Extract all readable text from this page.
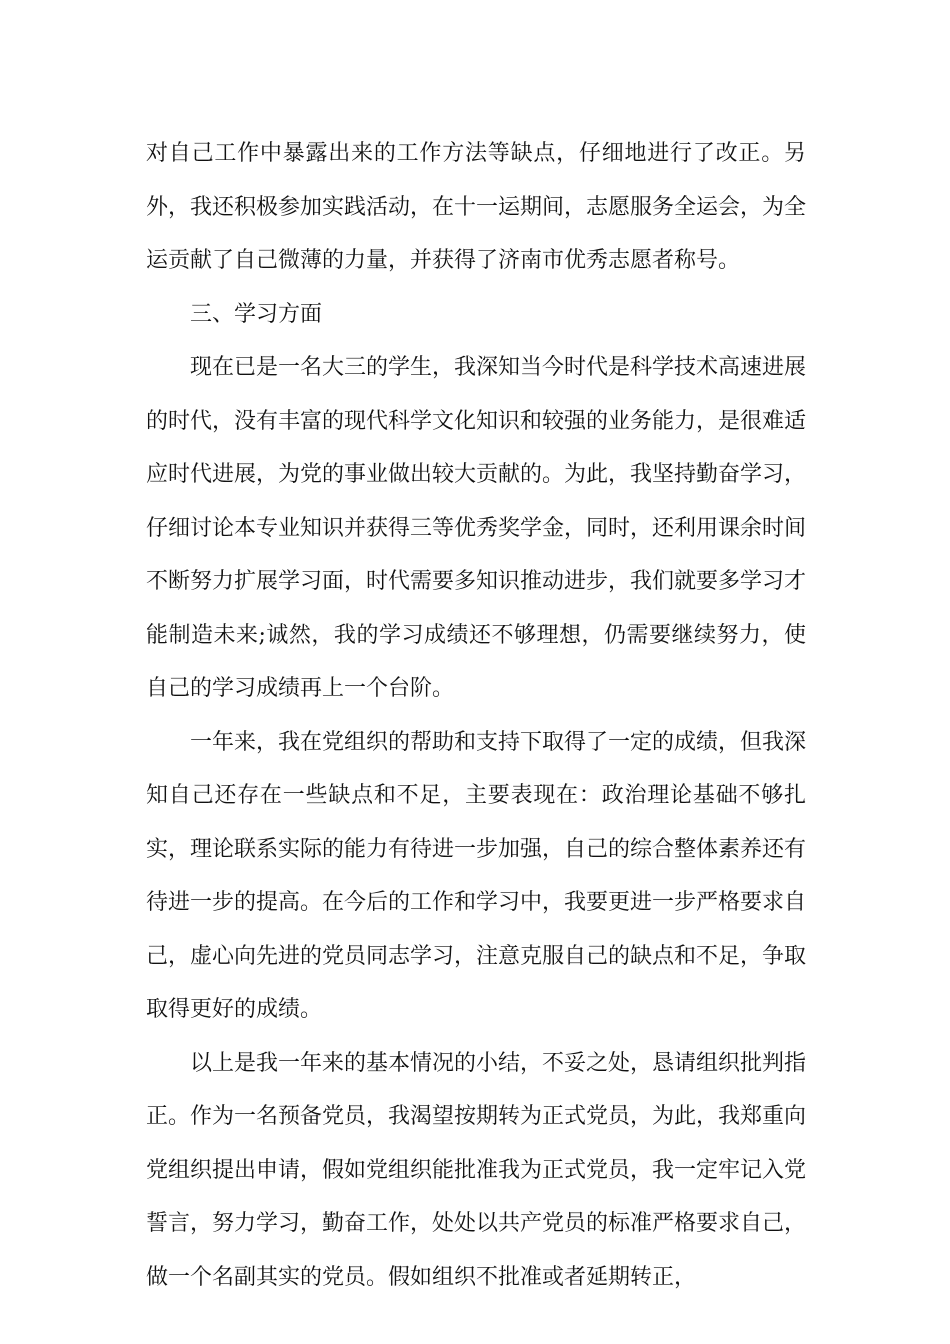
对自己工作中暴露出来的工作方法等缺点，仔细地进行了改正。另外，我还积极参加实践活动，在十一运期间，志愿服务全运会，为全运贡献了自己微薄的力量，并获得了济南市优秀志愿者称号。

三、学习方面

现在已是一名大三的学生，我深知当今时代是科学技术高速进展的时代，没有丰富的现代科学文化知识和较强的业务能力，是很难适应时代进展，为党的事业做出较大贡献的。为此，我坚持勤奋学习，仔细讨论本专业知识并获得三等优秀奖学金，同时，还利用课余时间不断努力扩展学习面，时代需要多知识推动进步，我们就要多学习才能制造未来;诚然，我的学习成绩还不够理想，仍需要继续努力，使自己的学习成绩再上一个台阶。

一年来，我在党组织的帮助和支持下取得了一定的成绩，但我深知自己还存在一些缺点和不足，主要表现在：政治理论基础不够扎实，理论联系实际的能力有待进一步加强，自己的综合整体素养还有待进一步的提高。在今后的工作和学习中，我要更进一步严格要求自己，虚心向先进的党员同志学习，注意克服自己的缺点和不足，争取取得更好的成绩。

以上是我一年来的基本情况的小结，不妥之处，恳请组织批判指正。作为一名预备党员，我渴望按期转为正式党员，为此，我郑重向党组织提出申请，假如党组织能批准我为正式党员，我一定牢记入党誓言，努力学习，勤奋工作，处处以共产党员的标准严格要求自己，做一个名副其实的党员。假如组织不批准或者延期转正，
